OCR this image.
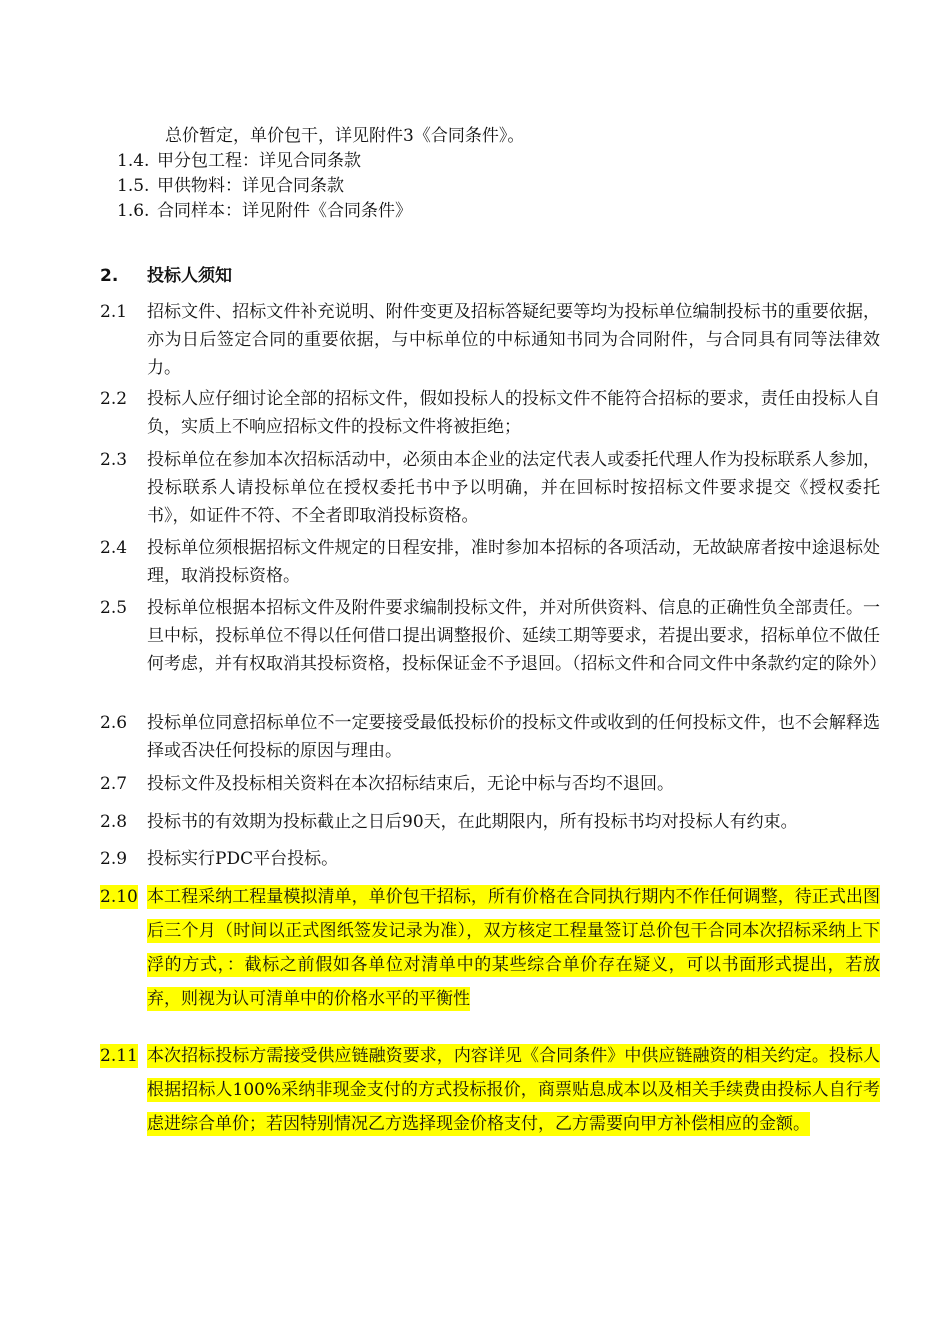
总价暂定，单价包干，详见附件3《合同条件》。
1.4. 甲分包工程：详见合同条款
1.5. 甲供物料：详见合同条款
1.6. 合同样本：详见附件《合同条件》
2. 投标人须知
2.1 招标文件、招标文件补充说明、附件变更及招标答疑纪要等均为投标单位编制投标书的重要依据，亦为日后签定合同的重要依据，与中标单位的中标通知书同为合同附件，与合同具有同等法律效力。
2.2 投标人应仔细讨论全部的招标文件，假如投标人的投标文件不能符合招标的要求，责任由投标人自负，实质上不响应招标文件的投标文件将被拒绝；
2.3 投标单位在参加本次招标活动中，必须由本企业的法定代表人或委托代理人作为投标联系人参加，投标联系人请投标单位在授权委托书中予以明确，并在回标时按招标文件要求提交《授权委托书》，如证件不符、不全者即取消投标资格。
2.4 投标单位须根据招标文件规定的日程安排，准时参加本招标的各项活动，无故缺席者按中途退标处理，取消投标资格。
2.5 投标单位根据本招标文件及附件要求编制投标文件，并对所供资料、信息的正确性负全部责任。一旦中标，投标单位不得以任何借口提出调整报价、延续工期等要求，若提出要求，招标单位不做任何考虑，并有权取消其投标资格，投标保证金不予退回。（招标文件和合同文件中条款约定的除外）
2.6 投标单位同意招标单位不一定要接受最低投标价的投标文件或收到的任何投标文件，也不会解释选择或否决任何投标的原因与理由。
2.7 投标文件及投标相关资料在本次招标结束后，无论中标与否均不退回。
2.8 投标书的有效期为投标截止之日后90天，在此期限内，所有投标书均对投标人有约束。
2.9 投标实行PDC平台投标。
2.10 本工程采纳工程量模拟清单，单价包干招标，所有价格在合同执行期内不作任何调整，待正式出图后三个月（时间以正式图纸签发记录为准），双方核定工程量签订总价包干合同本次招标采纳上下浮的方式，：截标之前假如各单位对清单中的某些综合单价存在疑义，可以书面形式提出，若放弃，则视为认可清单中的价格水平的平衡性
2.11 本次招标投标方需接受供应链融资要求，内容详见《合同条件》中供应链融资的相关约定。投标人根据招标人100%采纳非现金支付的方式投标报价，商票贴息成本以及相关手续费由投标人自行考虑进综合单价；若因特别情况乙方选择现金价格支付，乙方需要向甲方补偿相应的金额。
